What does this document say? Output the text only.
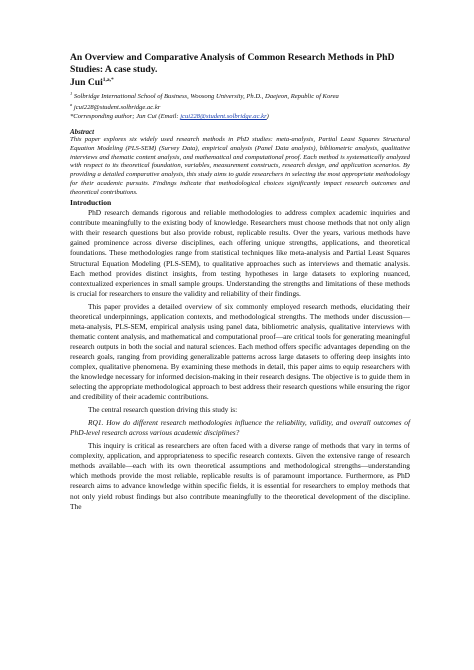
An Overview and Comparative Analysis of Common Research Methods in PhD Studies: A case study.

Jun Cui$^{1,a,*}$

$^1$ Solbridge International School of Business, Woosong University, Ph.D., Daejeon, Republic of Korea

$^a$ jcui228@student.solbridge.ac.kr

*Corresponding author; Jun Cui (Email: jcui228@student.solbridge.ac.kr)

Abstract

This paper explores six widely used research methods in PhD studies: meta-analysis, Partial Least Squares Structural Equation Modeling (PLS-SEM) (Survey Data), empirical analysis (Panel Data analysis), bibliometric analysis, qualitative interviews and thematic content analysis, and mathematical and computational proof. Each method is systematically analyzed with respect to its theoretical foundation, variables, measurement constructs, research design, and application scenarios. By providing a detailed comparative analysis, this study aims to guide researchers in selecting the most appropriate methodology for their academic pursuits. Findings indicate that methodological choices significantly impact research outcomes and theoretical contributions.

Introduction

PhD research demands rigorous and reliable methodologies to address complex academic inquiries and contribute meaningfully to the existing body of knowledge. Researchers must choose methods that not only align with their research questions but also provide robust, replicable results. Over the years, various methods have gained prominence across diverse disciplines, each offering unique strengths, applications, and theoretical foundations. These methodologies range from statistical techniques like meta-analysis and Partial Least Squares Structural Equation Modeling (PLS-SEM), to qualitative approaches such as interviews and thematic analysis. Each method provides distinct insights, from testing hypotheses in large datasets to exploring nuanced, contextualized experiences in small sample groups. Understanding the strengths and limitations of these methods is crucial for researchers to ensure the validity and reliability of their findings.

This paper provides a detailed overview of six commonly employed research methods, elucidating their theoretical underpinnings, application contexts, and methodological strengths. The methods under discussion—meta-analysis, PLS-SEM, empirical analysis using panel data, bibliometric analysis, qualitative interviews with thematic content analysis, and mathematical and computational proof—are critical tools for generating meaningful research outputs in both the social and natural sciences. Each method offers specific advantages depending on the research goals, ranging from providing generalizable patterns across large datasets to offering deep insights into complex, qualitative phenomena. By examining these methods in detail, this paper aims to equip researchers with the knowledge necessary for informed decision-making in their research designs. The objective is to guide them in selecting the appropriate methodological approach to best address their research questions while ensuring the rigor and credibility of their academic contributions.

The central research question driving this study is:

RQ1. How do different research methodologies influence the reliability, validity, and overall outcomes of PhD-level research across various academic disciplines?

This inquiry is critical as researchers are often faced with a diverse range of methods that vary in terms of complexity, application, and appropriateness to specific research contexts. Given the extensive range of research methods available—each with its own theoretical assumptions and methodological strengths—understanding which methods provide the most reliable, replicable results is of paramount importance. Furthermore, as PhD research aims to advance knowledge within specific fields, it is essential for researchers to employ methods that not only yield robust findings but also contribute meaningfully to the theoretical development of the discipline. The
